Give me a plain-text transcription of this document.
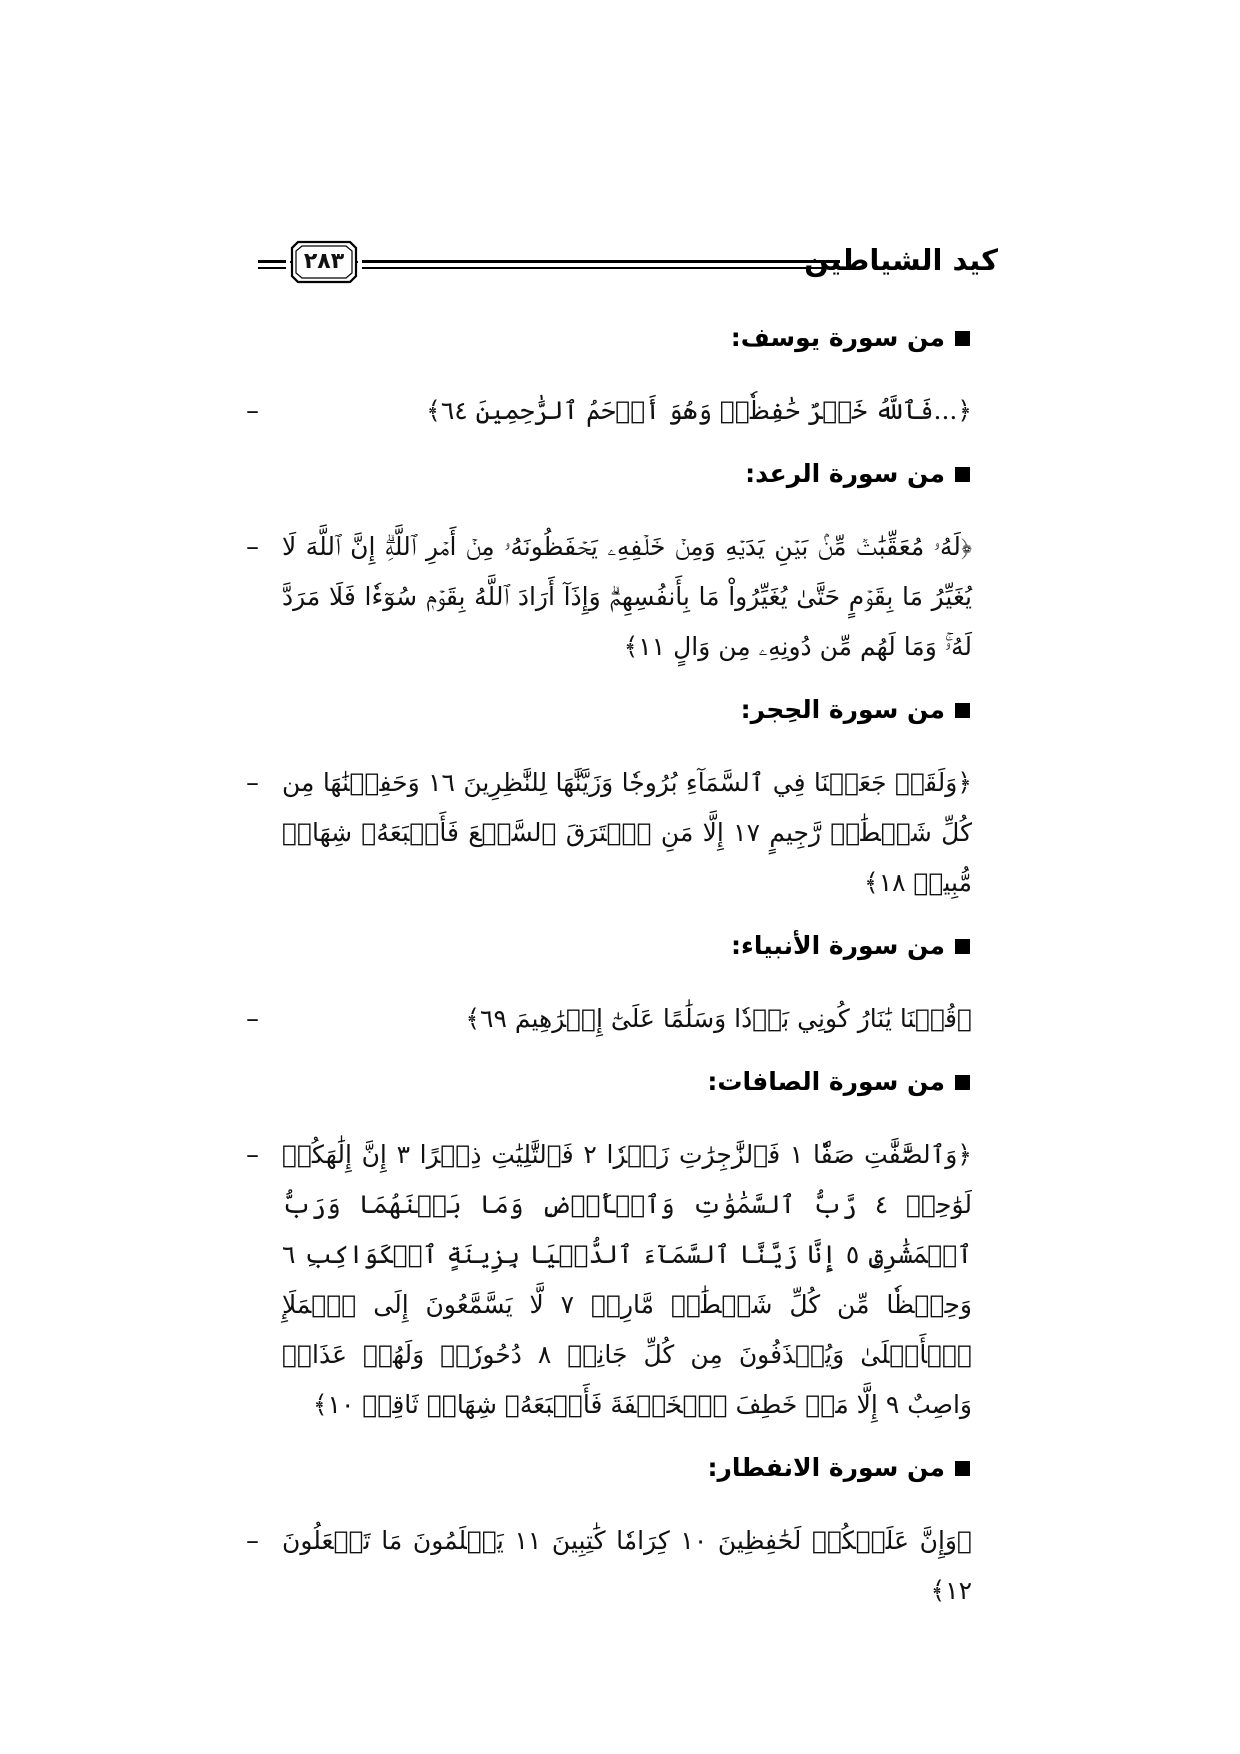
كيد الشياطين
٢٨٣
من سورة يوسف:
﴿...فَٱللَّهُ خَيۡرٌ حَٰفِظٗاۖ وَهُوَ أَرۡحَمُ ٱلرَّٰحِمِينَ ٦٤﴾
–
من سورة الرعد:
﴿لَهُۥ مُعَقِّبَٰتٞ مِّنۢ بَيۡنِ يَدَيۡهِ وَمِنۡ خَلۡفِهِۦ يَحۡفَظُونَهُۥ مِنۡ أَمۡرِ ٱللَّهِۗ إِنَّ ٱللَّهَ لَا يُغَيِّرُ مَا بِقَوۡمٍ حَتَّىٰ يُغَيِّرُواْ مَا بِأَنفُسِهِمۡۗ وَإِذَآ أَرَادَ ٱللَّهُ بِقَوۡمٖ سُوٓءٗا فَلَا مَرَدَّ لَهُۥۚ وَمَا لَهُم مِّن دُونِهِۦ مِن وَالٍ ١١﴾
–
من سورة الحِجر:
﴿وَلَقَدۡ جَعَلۡنَا فِي ٱلسَّمَآءِ بُرُوجٗا وَزَيَّنَّٰهَا لِلنَّٰظِرِينَ ١٦ وَحَفِظۡنَٰهَا مِن كُلِّ شَيۡطَٰنٖ رَّجِيمٍ ١٧ إِلَّا مَنِ ٱسۡتَرَقَ ٱلسَّمۡعَ فَأَتۡبَعَهُۥ شِهَابٞ مُّبِينٞ ١٨﴾
–
من سورة الأنبياء:
﴿قُلۡنَا يَٰنَارُ كُونِي بَرۡدٗا وَسَلَٰمًا عَلَىٰٓ إِبۡرَٰهِيمَ ٦٩﴾
–
من سورة الصافات:
﴿وَٱلصَّٰٓفَّٰتِ صَفّٗا ١ فَٱلزَّٰجِرَٰتِ زَجۡرٗا ٢ فَٱلتَّٰلِيَٰتِ ذِكۡرًا ٣ إِنَّ إِلَٰهَكُمۡ لَوَٰحِدٞ ٤ رَّبُّ ٱلسَّمَٰوَٰتِ وَٱلۡأَرۡضِ وَمَا بَيۡنَهُمَا وَرَبُّ ٱلۡمَشَٰرِقِ ٥ إِنَّا زَيَّنَّا ٱلسَّمَآءَ ٱلدُّنۡيَا بِزِينَةٍ ٱلۡكَوَاكِبِ ٦ وَحِفۡظٗا مِّن كُلِّ شَيۡطَٰنٖ مَّارِدٖ ٧ لَّا يَسَّمَّعُونَ إِلَى ٱلۡمَلَإِ ٱلۡأَعۡلَىٰ وَيُقۡذَفُونَ مِن كُلِّ جَانِبٖ ٨ دُحُورٗاۖ وَلَهُمۡ عَذَابٞ وَاصِبٌ ٩ إِلَّا مَنۡ خَطِفَ ٱلۡخَطۡفَةَ فَأَتۡبَعَهُۥ شِهَابٞ ثَاقِبٞ ١٠﴾
–
من سورة الانفطار:
﴿وَإِنَّ عَلَيۡكُمۡ لَحَٰفِظِينَ ١٠ كِرَامٗا كَٰتِبِينَ ١١ يَعۡلَمُونَ مَا تَفۡعَلُونَ ١٢﴾
–
